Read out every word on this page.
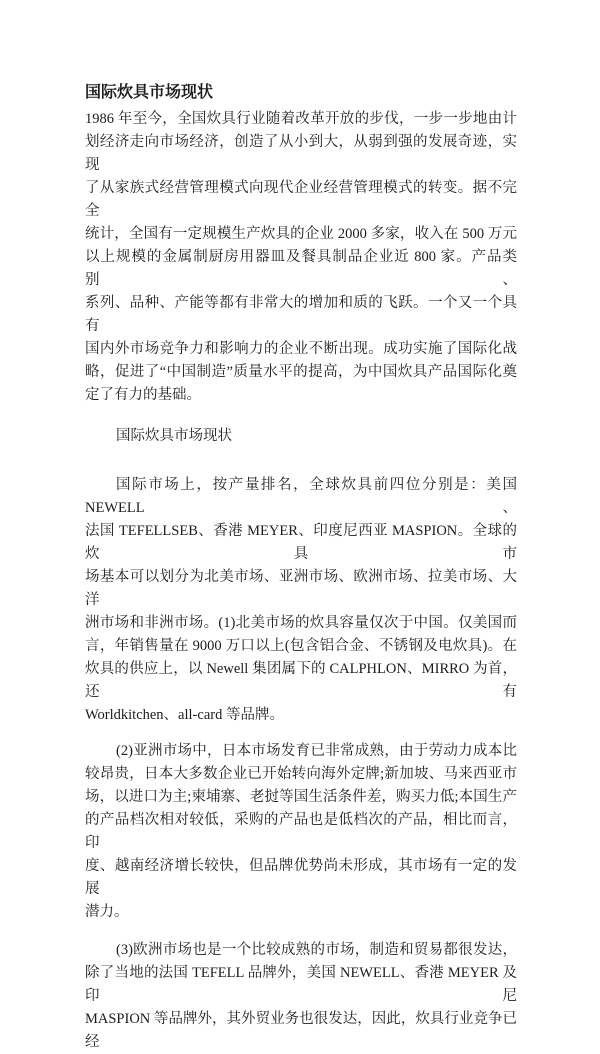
国际炊具市场现状
1986 年至今，全国炊具行业随着改革开放的步伐，一步一步地由计
划经济走向市场经济，创造了从小到大，从弱到强的发展奇迹，实现
了从家族式经营管理模式向现代企业经营管理模式的转变。据不完全
统计，全国有一定规模生产炊具的企业 2000 多家，收入在 500 万元
以上规模的金属制厨房用器皿及餐具制品企业近 800 家。产品类别、
系列、品种、产能等都有非常大的增加和质的飞跃。一个又一个具有
国内外市场竞争力和影响力的企业不断出现。成功实施了国际化战
略，促进了“中国制造”质量水平的提高，为中国炊具产品国际化奠
定了有力的基础。
国际炊具市场现状
国际市场上，按产量排名，全球炊具前四位分别是：美国 NEWELL、
法国 TEFELLSEB、香港 MEYER、印度尼西亚 MASPION。全球的炊具市
场基本可以划分为北美市场、亚洲市场、欧洲市场、拉美市场、大洋
洲市场和非洲市场。(1)北美市场的炊具容量仅次于中国。仅美国而
言，年销售量在 9000 万口以上(包含铝合金、不锈钢及电炊具)。在
炊具的供应上，以 Newell 集团属下的 CALPHLON、MIRRO 为首，还有
Worldkitchen、all-card 等品牌。
(2)亚洲市场中，日本市场发育已非常成熟，由于劳动力成本比
较昂贵，日本大多数企业已开始转向海外定牌;新加坡、马来西亚市
场，以进口为主;柬埔寨、老挝等国生活条件差，购买力低;本国生产
的产品档次相对较低，采购的产品也是低档次的产品，相比而言，印
度、越南经济增长较快，但品牌优势尚未形成，其市场有一定的发展
潜力。
(3)欧洲市场也是一个比较成熟的市场，制造和贸易都很发达，
除了当地的法国 TEFELL 品牌外，美国 NEWELL、香港 MEYER 及印尼
MASPION 等品牌外，其外贸业务也很发达，因此，炊具行业竞争已经
